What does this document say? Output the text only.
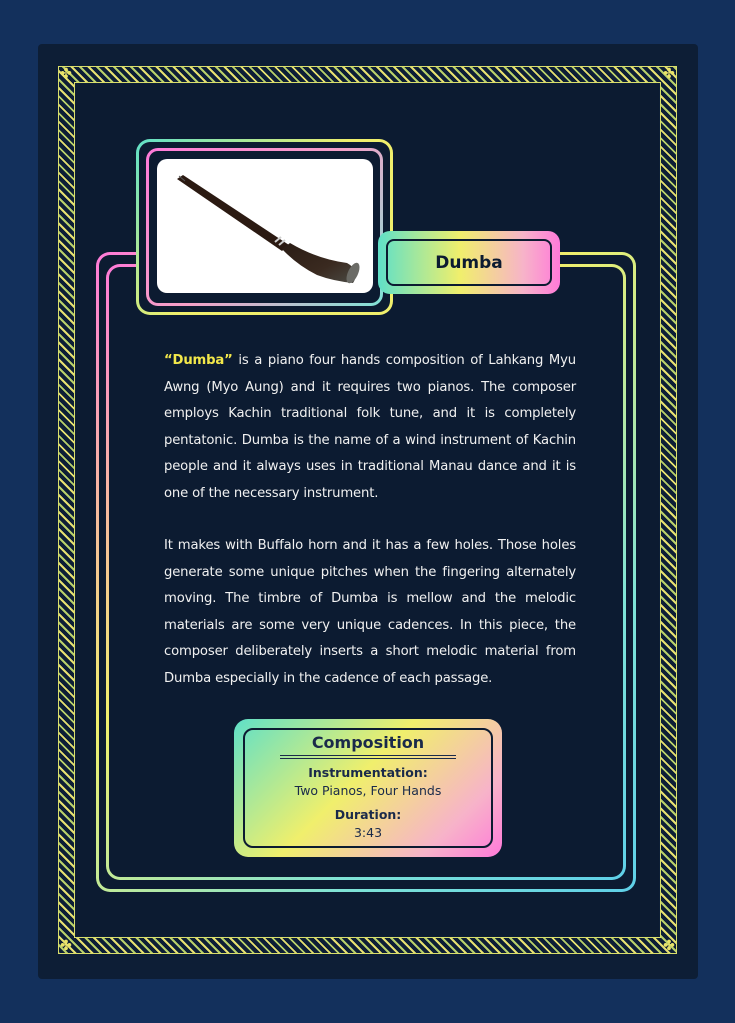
✤	✤
✤	✤
Dumba

“Dumba” is a piano four hands composition of Lahkang Myu Awng (Myo Aung) and it requires two pianos. The composer employs Kachin traditional folk tune, and it is completely pentatonic. Dumba is the name of a wind instrument of Kachin people and it always uses in traditional Manau dance and it is one of the necessary instrument.

It makes with Buffalo horn and it has a few holes. Those holes generate some unique pitches when the fingering alternately moving. The timbre of Dumba is mellow and the melodic materials are some very unique cadences. In this piece, the composer deliberately inserts a short melodic material from Dumba especially in the cadence of each passage.

Composition
Instrumentation:
Two Pianos, Four Hands
Duration:
3:43
